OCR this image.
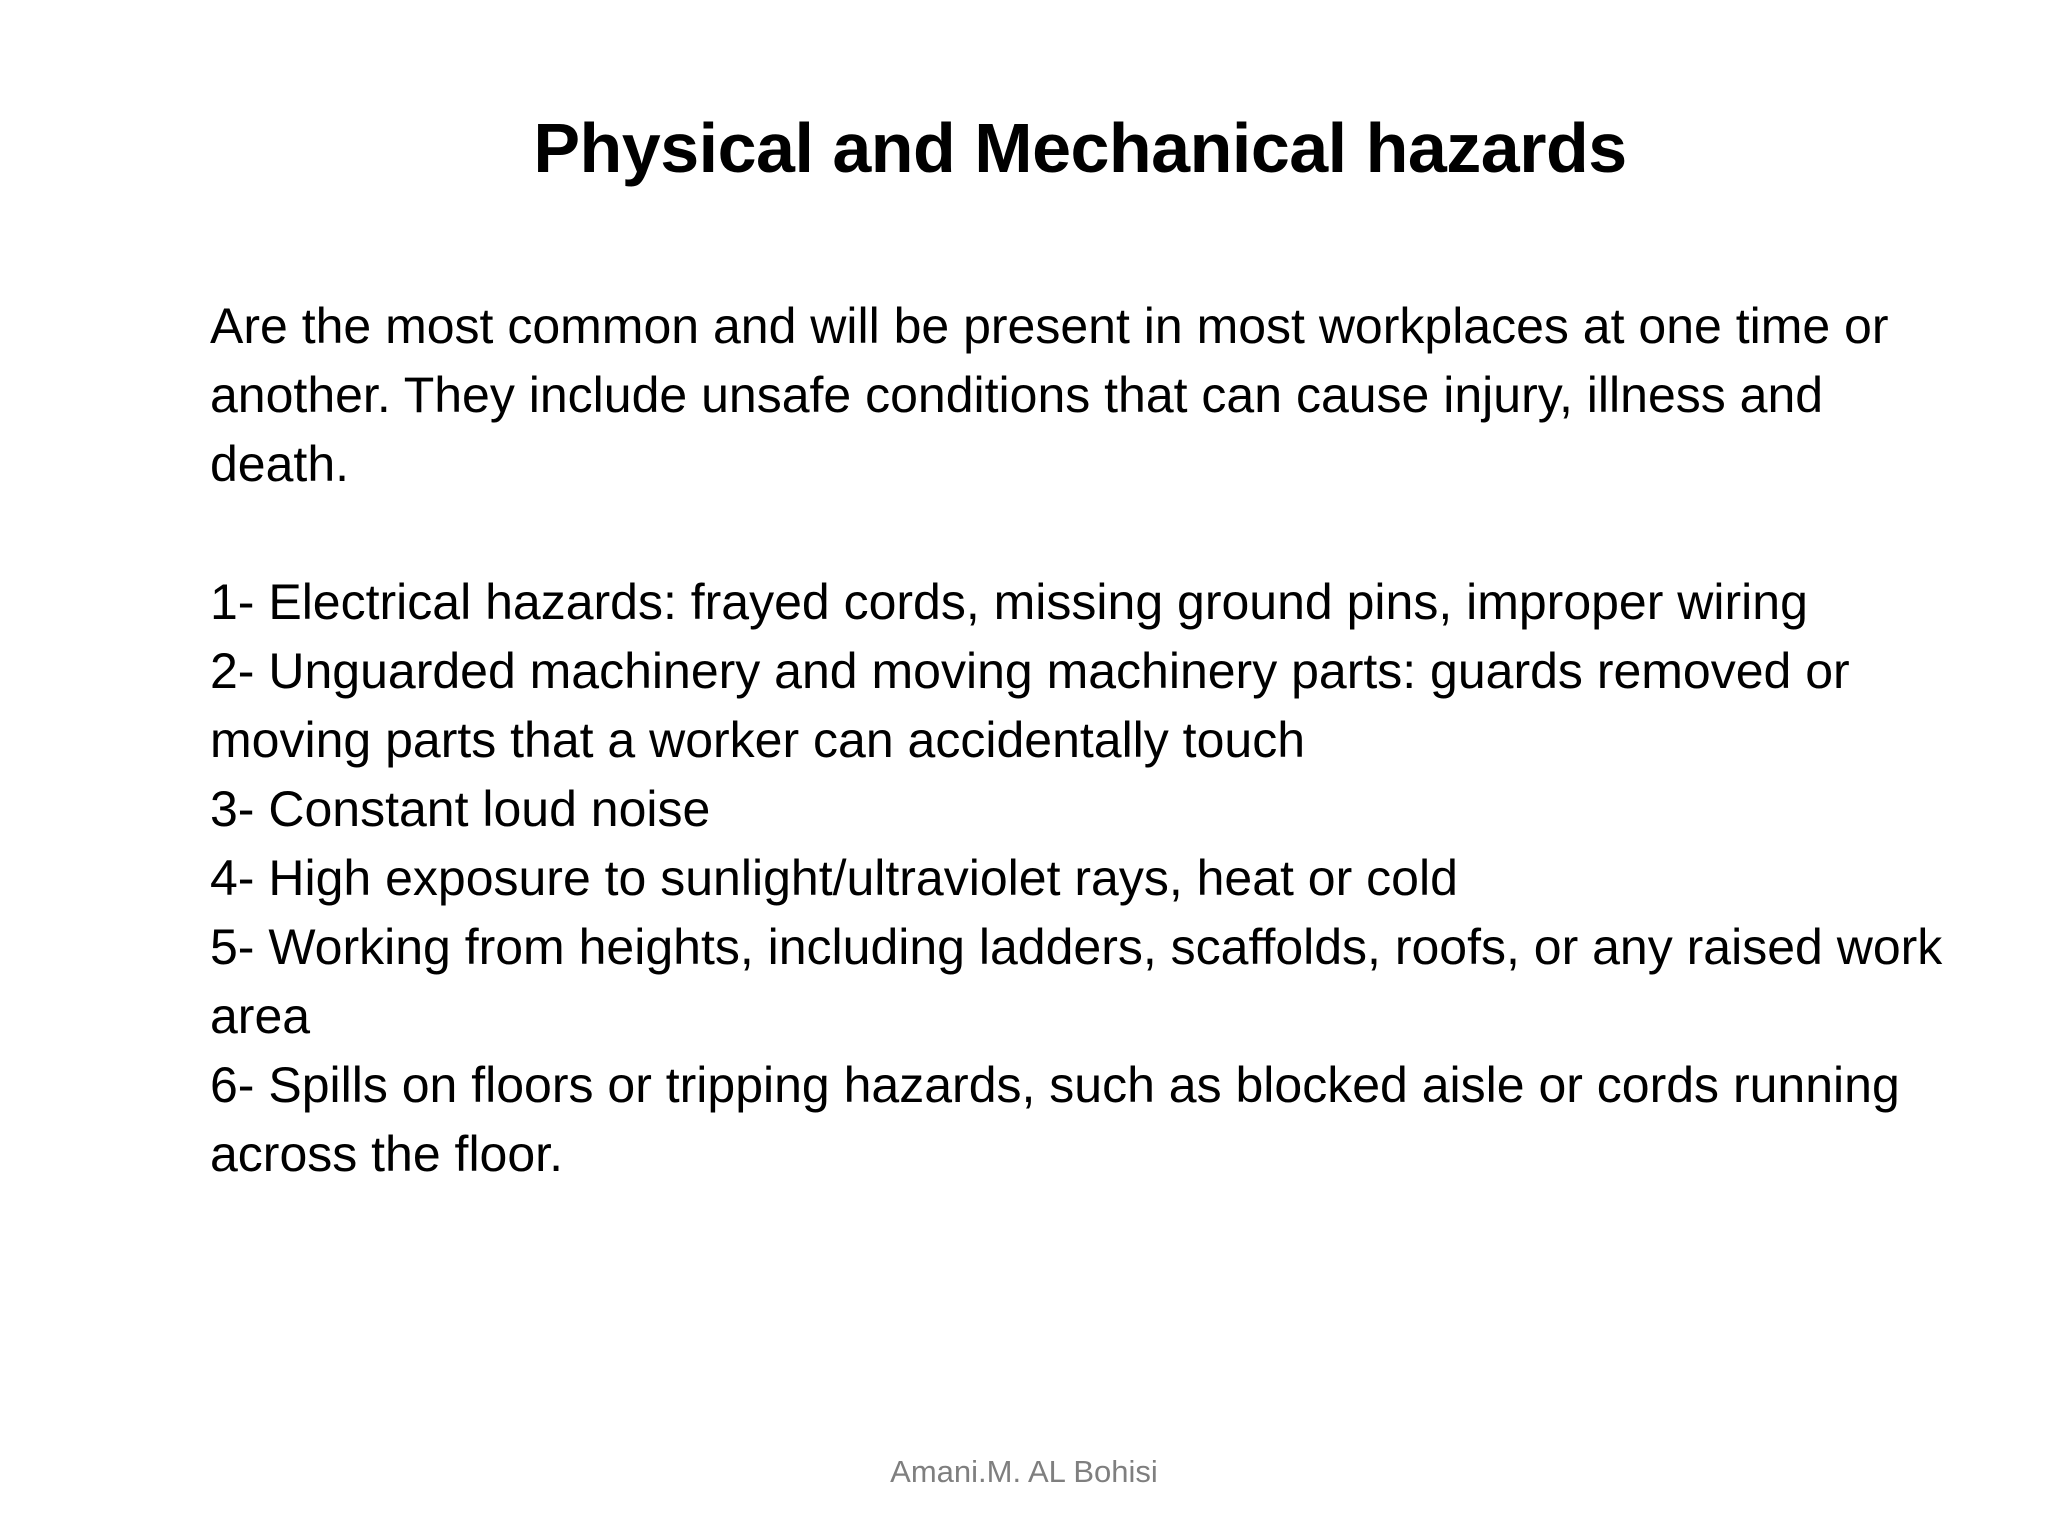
Physical and Mechanical hazards

Are the most common and will be present in most workplaces at one time or another. They include unsafe conditions that can cause injury, illness and death.

1- Electrical hazards: frayed cords, missing ground pins, improper wiring
2- Unguarded machinery and moving machinery parts: guards removed or moving parts that a worker can accidentally touch
3- Constant loud noise
4- High exposure to sunlight/ultraviolet rays, heat or cold
5- Working from heights, including ladders, scaffolds, roofs, or any raised work area
6- Spills on floors or tripping hazards, such as blocked aisle or cords running across the floor.
Amani.M. AL Bohisi
